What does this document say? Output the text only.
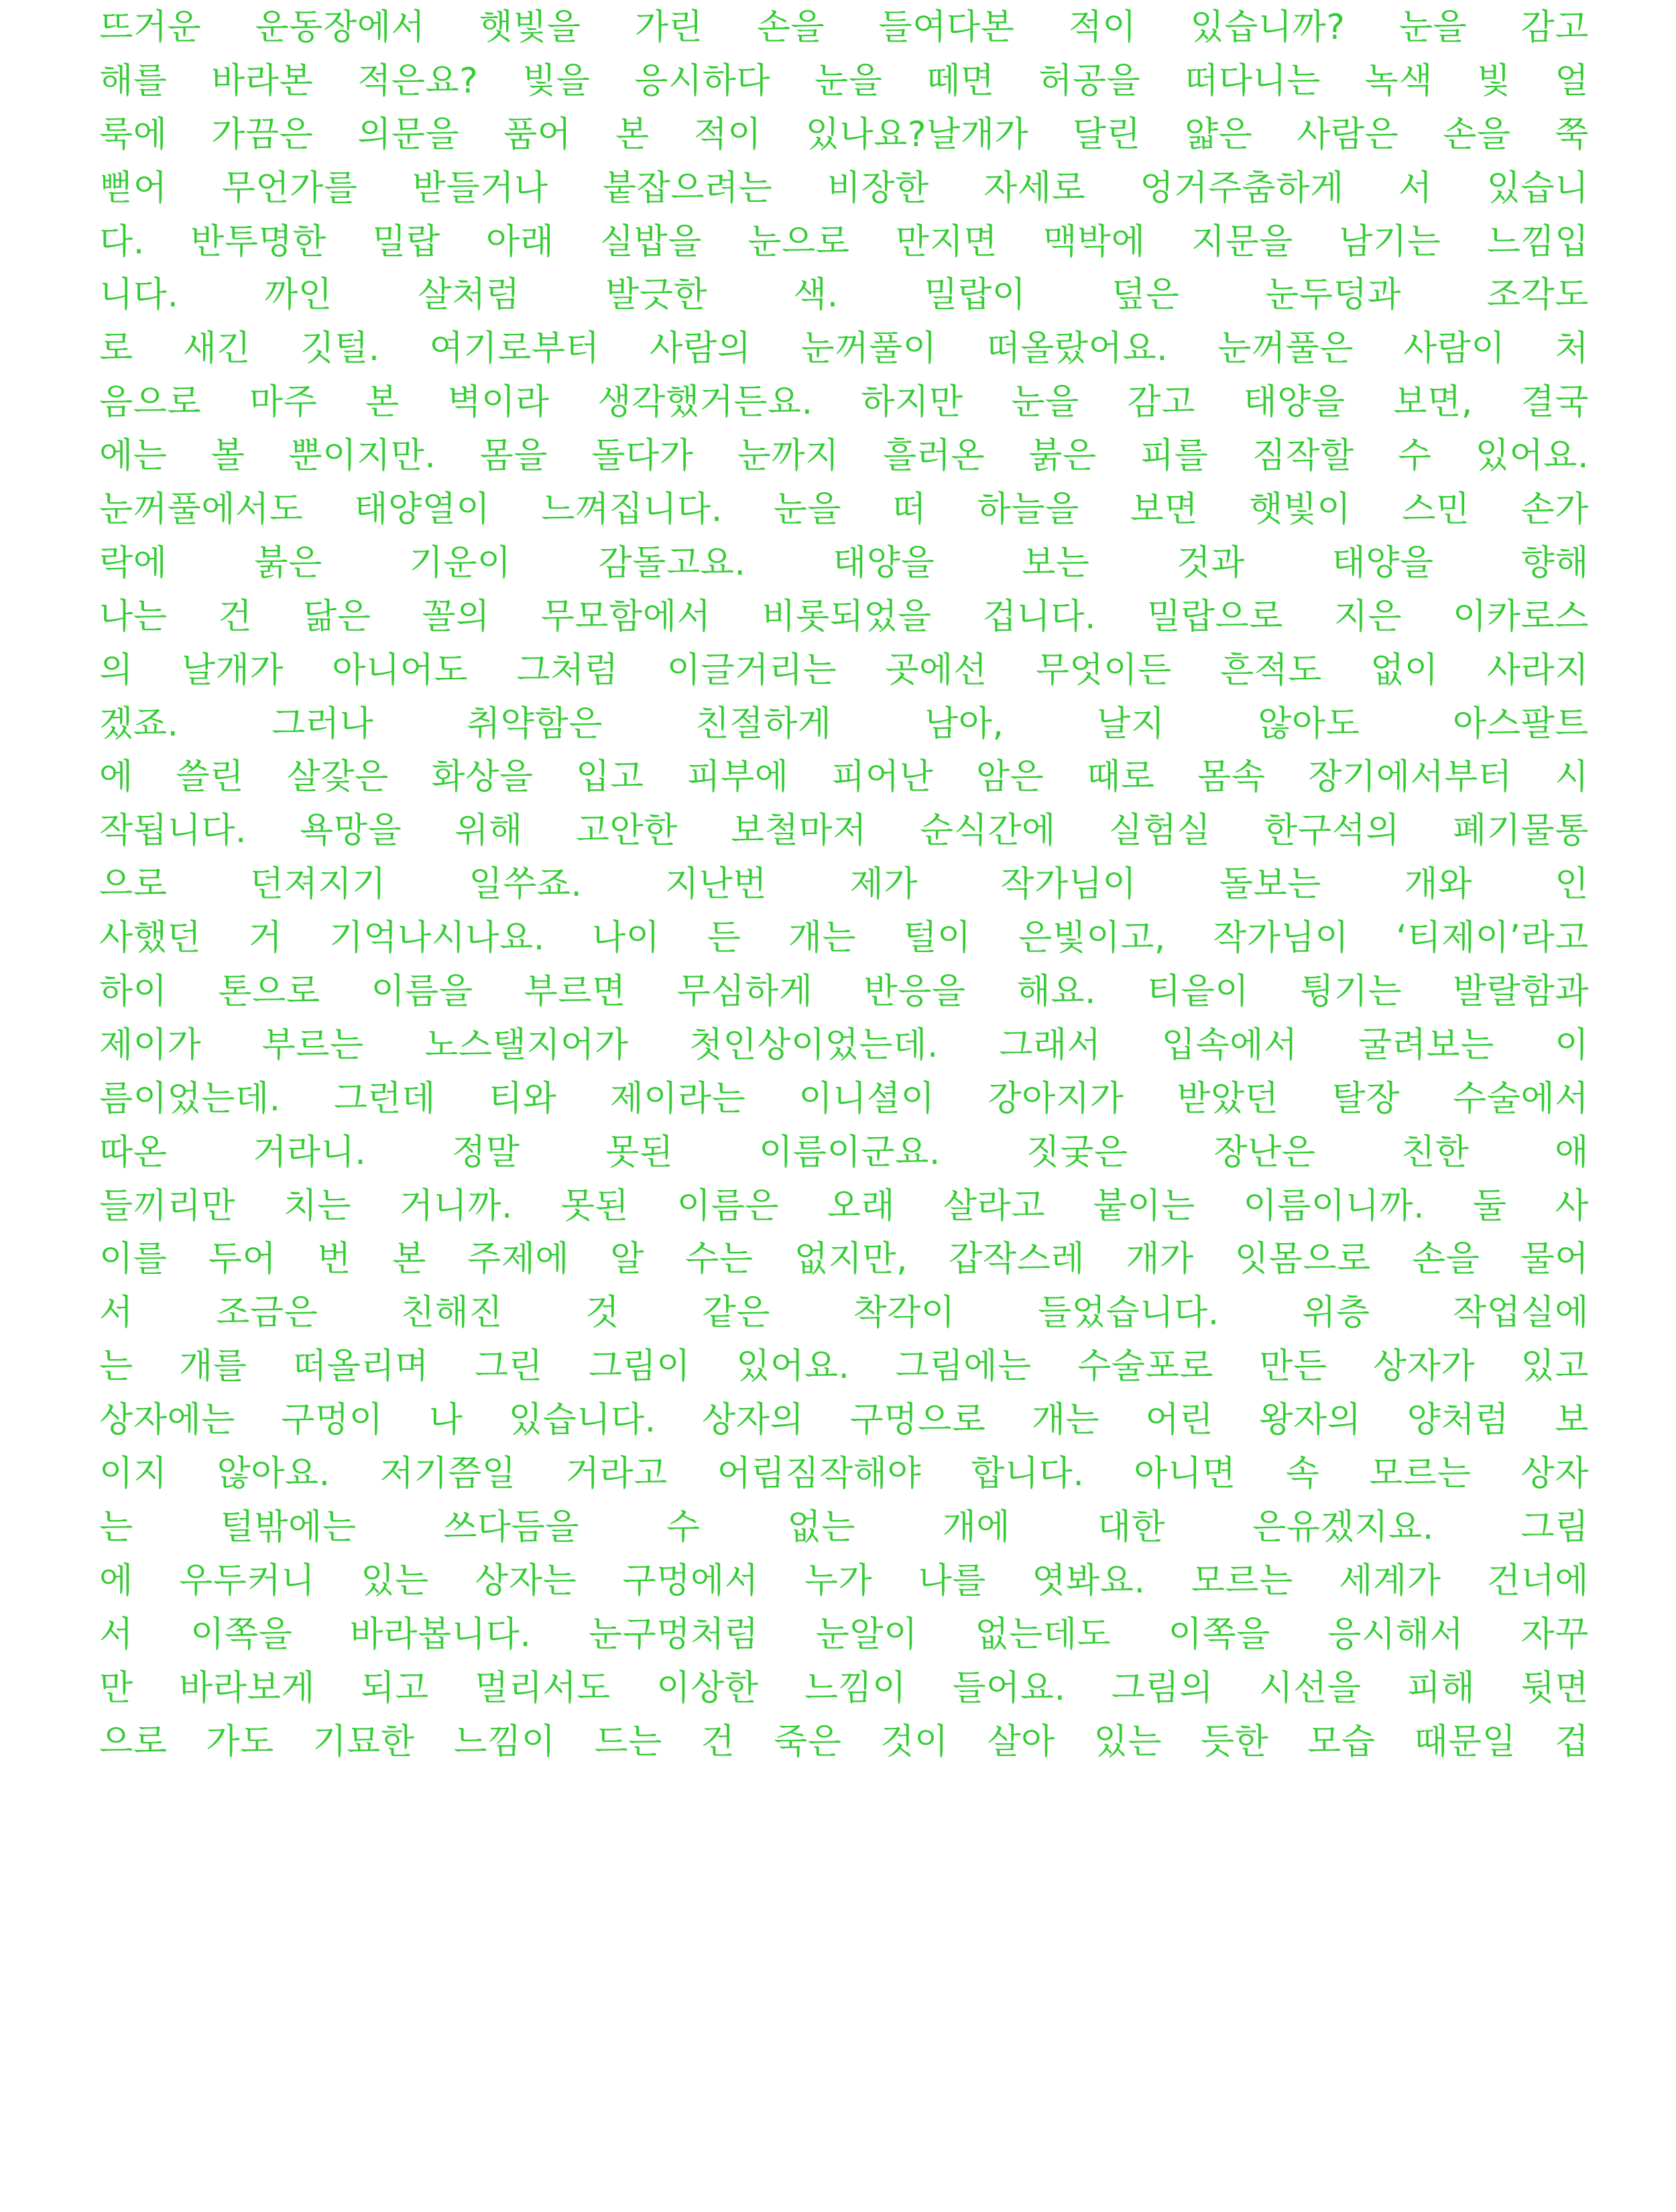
뜨거운 운동장에서 햇빛을 가린 손을 들여다본 적이 있습니까? 눈을 감고
해를 바라본 적은요? 빛을 응시하다 눈을 떼면 허공을 떠다니는 녹색 빛 얼
룩에 가끔은 의문을 품어 본 적이 있나요?날개가 달린 얇은 사람은 손을 쭉
뻗어 무언가를 받들거나 붙잡으려는 비장한 자세로 엉거주춤하게 서 있습니
다. 반투명한 밀랍 아래 실밥을 눈으로 만지면 맥박에 지문을 남기는 느낌입
니다. 까인 살처럼 발긋한 색. 밀랍이 덮은 눈두덩과 조각도
로 새긴 깃털. 여기로부터 사람의 눈꺼풀이 떠올랐어요. 눈꺼풀은 사람이 처
음으로 마주 본 벽이라 생각했거든요. 하지만 눈을 감고 태양을 보면, 결국
에는 볼 뿐이지만. 몸을 돌다가 눈까지 흘러온 붉은 피를 짐작할 수 있어요.
눈꺼풀에서도 태양열이 느껴집니다. 눈을 떠 하늘을 보면 햇빛이 스민 손가
락에 붉은 기운이 감돌고요. 태양을 보는 것과 태양을 향해
나는 건 닮은 꼴의 무모함에서 비롯되었을 겁니다. 밀랍으로 지은 이카로스
의 날개가 아니어도 그처럼 이글거리는 곳에선 무엇이든 흔적도 없이 사라지
겠죠. 그러나 취약함은 친절하게 남아, 날지 않아도 아스팔트
에 쓸린 살갗은 화상을 입고 피부에 피어난 암은 때로 몸속 장기에서부터 시
작됩니다. 욕망을 위해 고안한 보철마저 순식간에 실험실 한구석의 폐기물통
으로 던져지기 일쑤죠. 지난번 제가 작가님이 돌보는 개와 인
사했던 거 기억나시나요. 나이 든 개는 털이 은빛이고, 작가님이 ‘티제이’라고
하이 톤으로 이름을 부르면 무심하게 반응을 해요. 티읕이 튕기는 발랄함과
제이가 부르는 노스탤지어가 첫인상이었는데. 그래서 입속에서 굴려보는 이
름이었는데. 그런데 티와 제이라는 이니셜이 강아지가 받았던 탈장 수술에서
따온 거라니. 정말 못된 이름이군요. 짓궂은 장난은 친한 애
들끼리만 치는 거니까. 못된 이름은 오래 살라고 붙이는 이름이니까. 둘 사
이를 두어 번 본 주제에 알 수는 없지만, 갑작스레 개가 잇몸으로 손을 물어
서 조금은 친해진 것 같은 착각이 들었습니다. 위층 작업실에
는 개를 떠올리며 그린 그림이 있어요. 그림에는 수술포로 만든 상자가 있고
상자에는 구멍이 나 있습니다. 상자의 구멍으로 개는 어린 왕자의 양처럼 보
이지 않아요. 저기쯤일 거라고 어림짐작해야 합니다. 아니면 속 모르는 상자
는 털밖에는 쓰다듬을 수 없는 개에 대한 은유겠지요. 그림
에 우두커니 있는 상자는 구멍에서 누가 나를 엿봐요. 모르는 세계가 건너에
서 이쪽을 바라봅니다. 눈구멍처럼 눈알이 없는데도 이쪽을 응시해서 자꾸
만 바라보게 되고 멀리서도 이상한 느낌이 들어요. 그림의 시선을 피해 뒷면
으로 가도 기묘한 느낌이 드는 건 죽은 것이 살아 있는 듯한 모습 때문일 겁
